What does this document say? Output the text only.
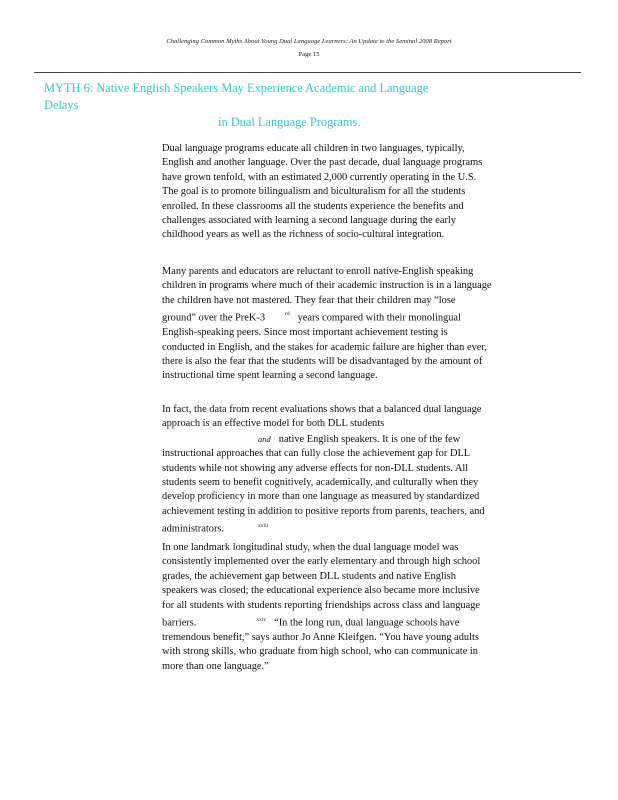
Challenging Common Myths About Young Dual Language Learners: An Update to the Seminal 2008 Report
Page 15
MYTH 6: Native English Speakers May Experience Academic and Language Delays
in Dual Language Programs.

Dual language programs educate all children in two languages, typically, English and another language. Over the past decade, dual language programs have grown tenfold, with an estimated 2,000 currently operating in the U.S. The goal is to promote bilingualism and biculturalism for all the students enrolled. In these classrooms all the students experience the benefits and challenges associated with learning a second language during the early childhood years as well as the richness of socio-cultural integration.

Many parents and educators are reluctant to enroll native-English speaking children in programs where much of their academic instruction is in a language the children have not mastered. They fear that their children may “lose ground” over the PreK-3	$^{rd}$ years compared with their monolingual English-speaking peers. Since most important achievement testing is conducted in English, and the stakes for academic failure are higher than ever, there is also the fear that the students will be disadvantaged by the amount of instructional time spent learning a second language.

In fact, the data from recent evaluations shows that a balanced dual language approach is an effective model for both DLL studentsand native English speakers. It is one of the few instructional approaches that can fully close the achievement gap for DLL students while not showing any adverse effects for non-DLL students. All students seem to benefit cognitively, academically, and culturally when they develop proficiency in more than one language as measured by standardized achievement testing in addition to positive reports from parents, teachers, and administrators.	$^{xxiii}$

In one landmark longitudinal study, when the dual language model was consistently implemented over the early elementary and through high school grades, the achievement gap between DLL students and native English speakers was closed; the educational experience also became more inclusive for all students with students reporting friendships across class and language barriers.	$^{xxiv}$ “In the long run, dual language schools have tremendous benefit,” says author Jo Anne Kleifgen. “You have young adults with strong skills, who graduate from high school, who can communicate in more than one language.”
